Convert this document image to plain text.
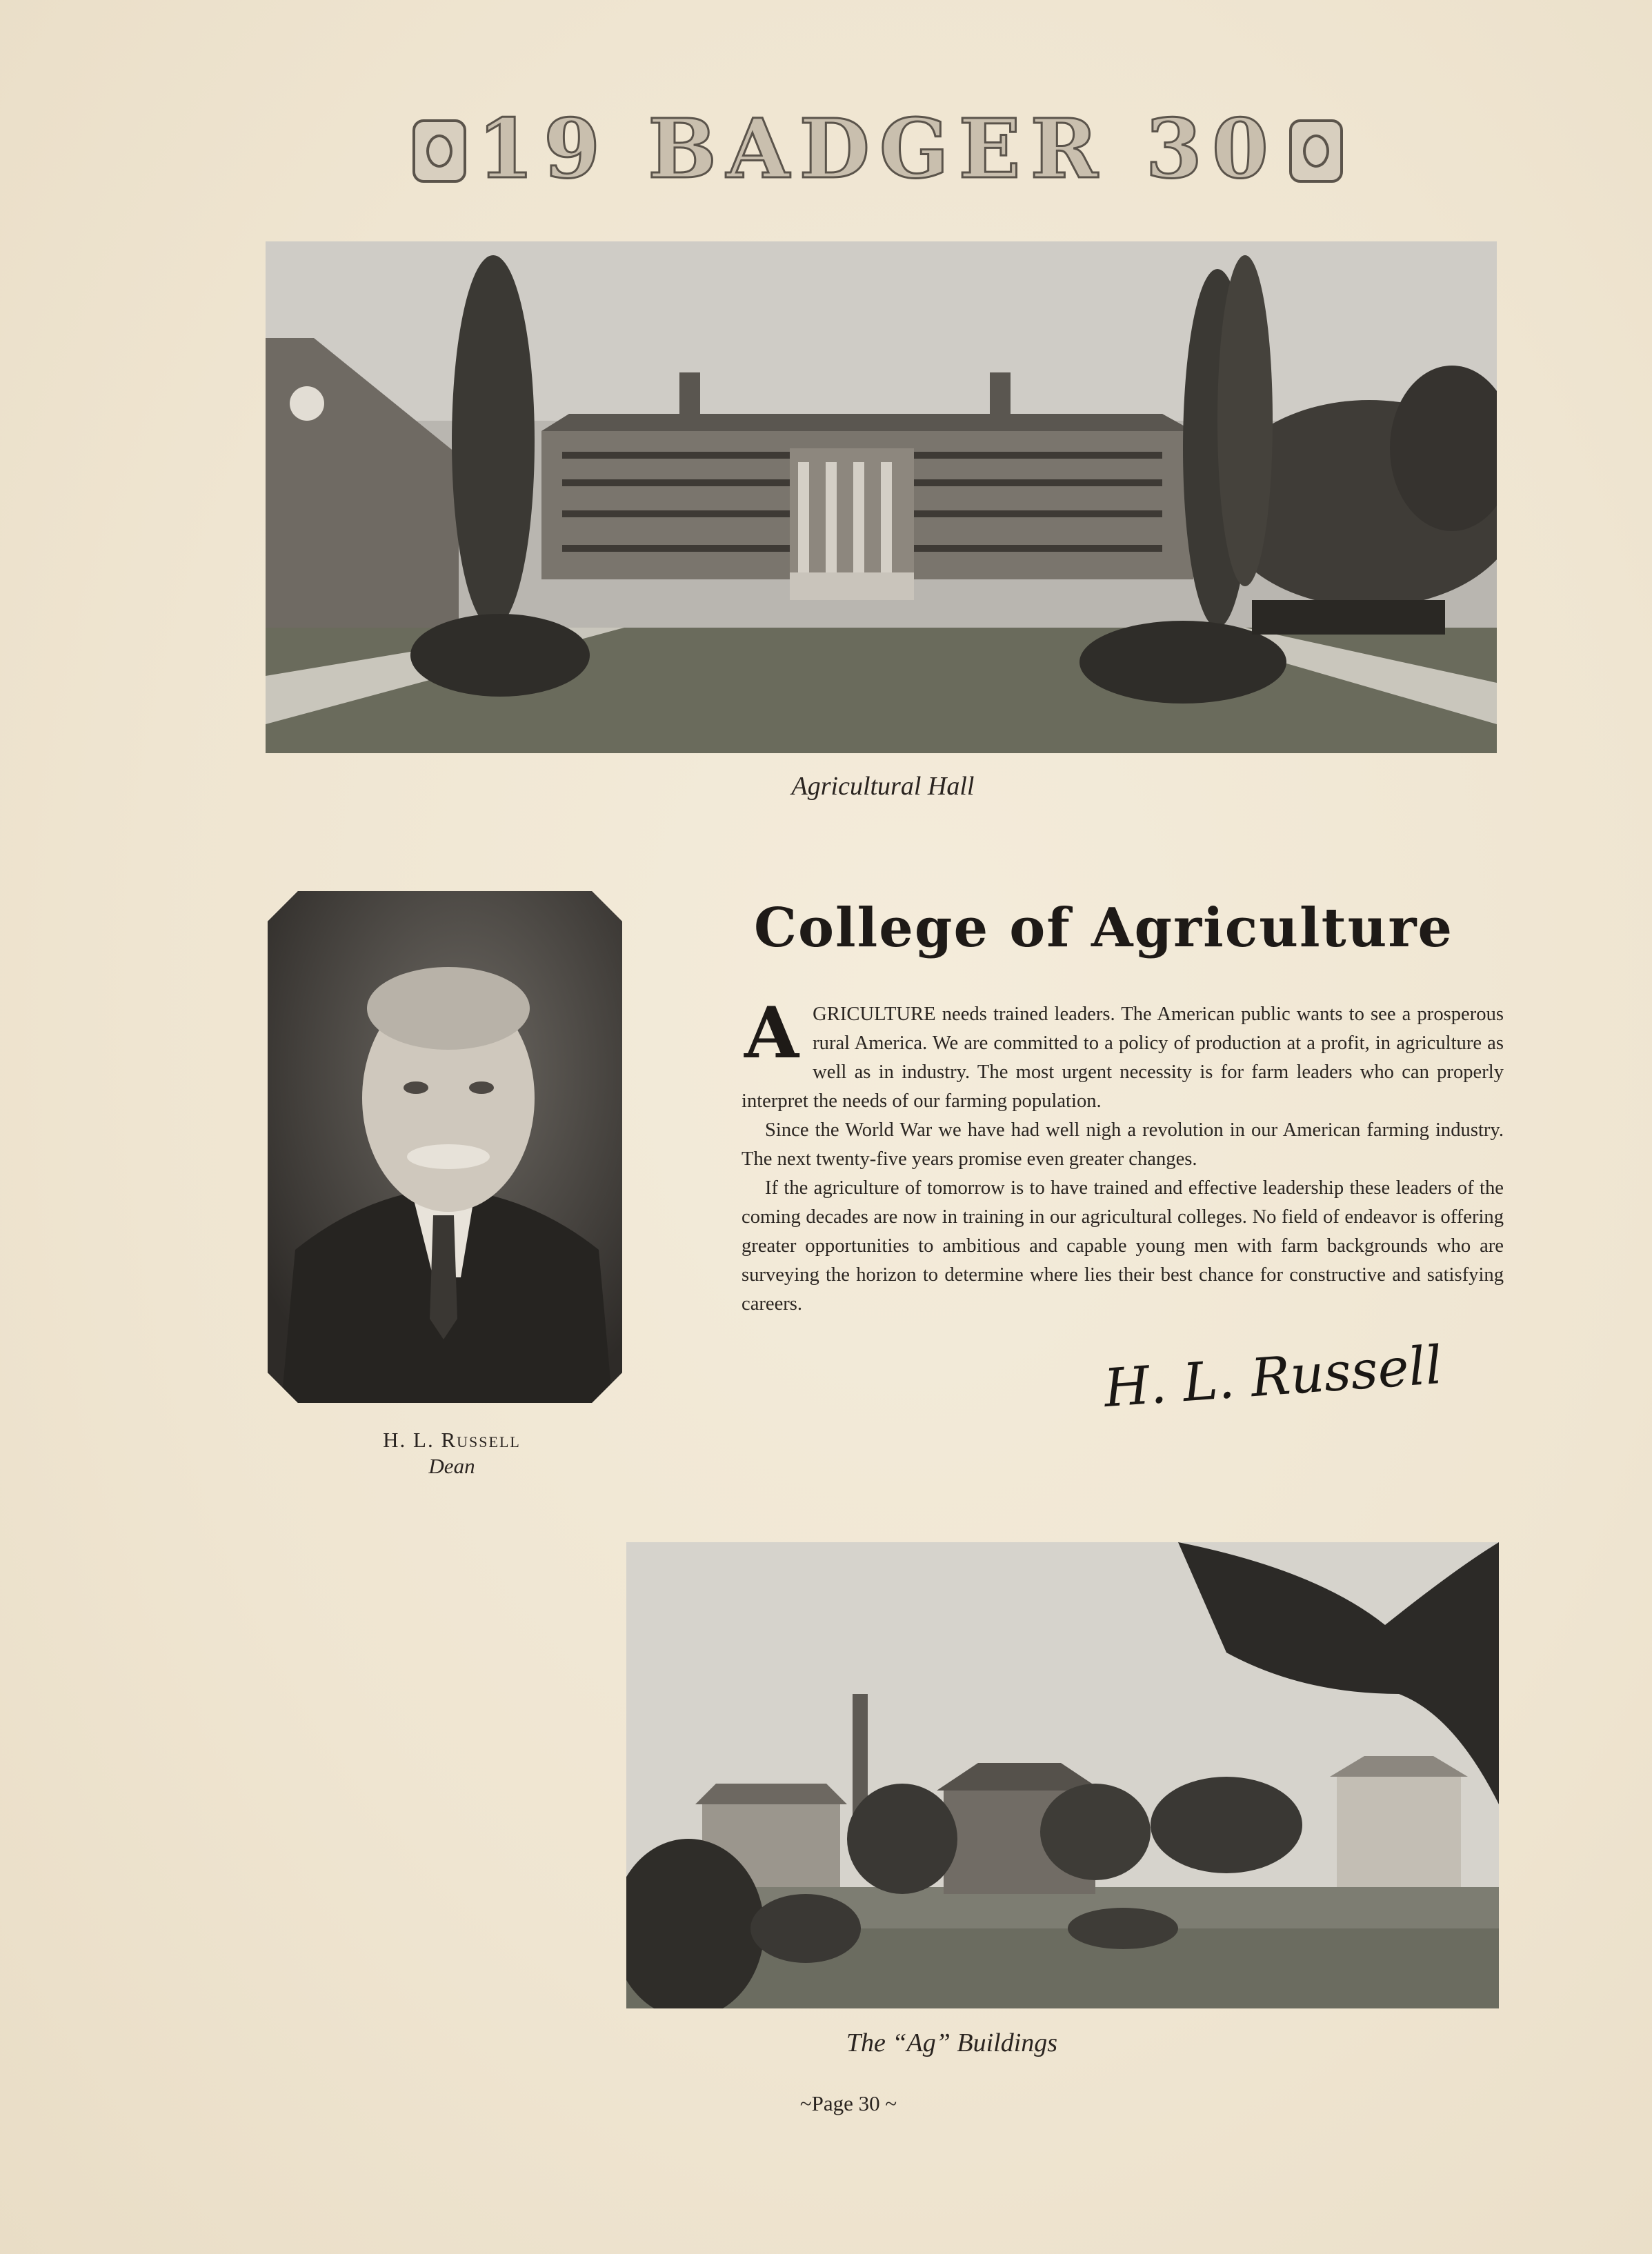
19 BADGER 30
Agricultural Hall
H. L. Russell
Dean
College of Agriculture
A GRICULTURE needs trained leaders. The American public wants to see a prosperous rural America. We are committed to a policy of production at a profit, in agriculture as well as in industry. The most urgent necessity is for farm leaders who can properly interpret the needs of our farming population.

Since the World War we have had well nigh a revolution in our American farming industry. The next twenty-five years promise even greater changes.

If the agriculture of tomorrow is to have trained and effective leadership these leaders of the coming decades are now in training in our agricultural colleges. No field of endeavor is offering greater opportunities to ambitious and capable young men with farm backgrounds who are surveying the horizon to determine where lies their best chance for constructive and satisfying careers.

H. L. Russell
The “Ag” Buildings
~Page 30 ~
